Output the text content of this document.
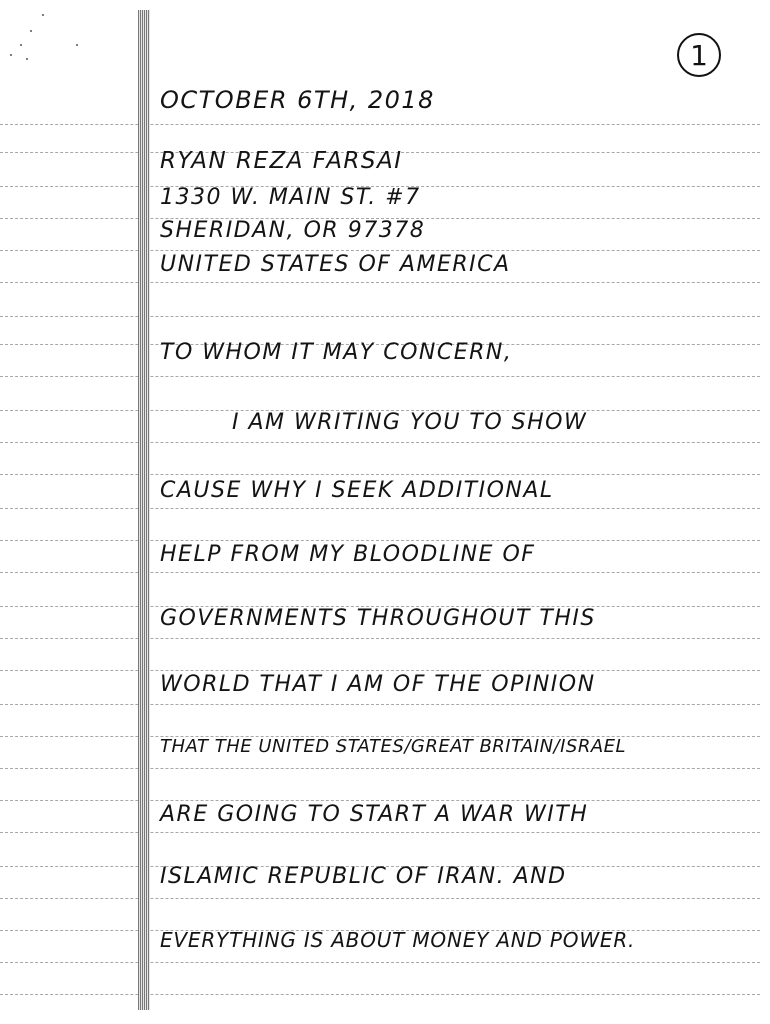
1
OCTOBER 6TH, 2018
RYAN REZA FARSAI
1330 W. MAIN ST. #7
SHERIDAN, OR 97378
UNITED STATES OF AMERICA
TO WHOM IT MAY CONCERN,
I AM WRITING YOU TO SHOW
CAUSE WHY I SEEK ADDITIONAL
HELP FROM MY BLOODLINE OF
GOVERNMENTS THROUGHOUT THIS
WORLD THAT I AM OF THE OPINION
THAT THE UNITED STATES/GREAT BRITAIN/ISRAEL
ARE GOING TO START A WAR WITH
ISLAMIC REPUBLIC OF IRAN. AND
EVERYTHING IS ABOUT MONEY AND POWER.
